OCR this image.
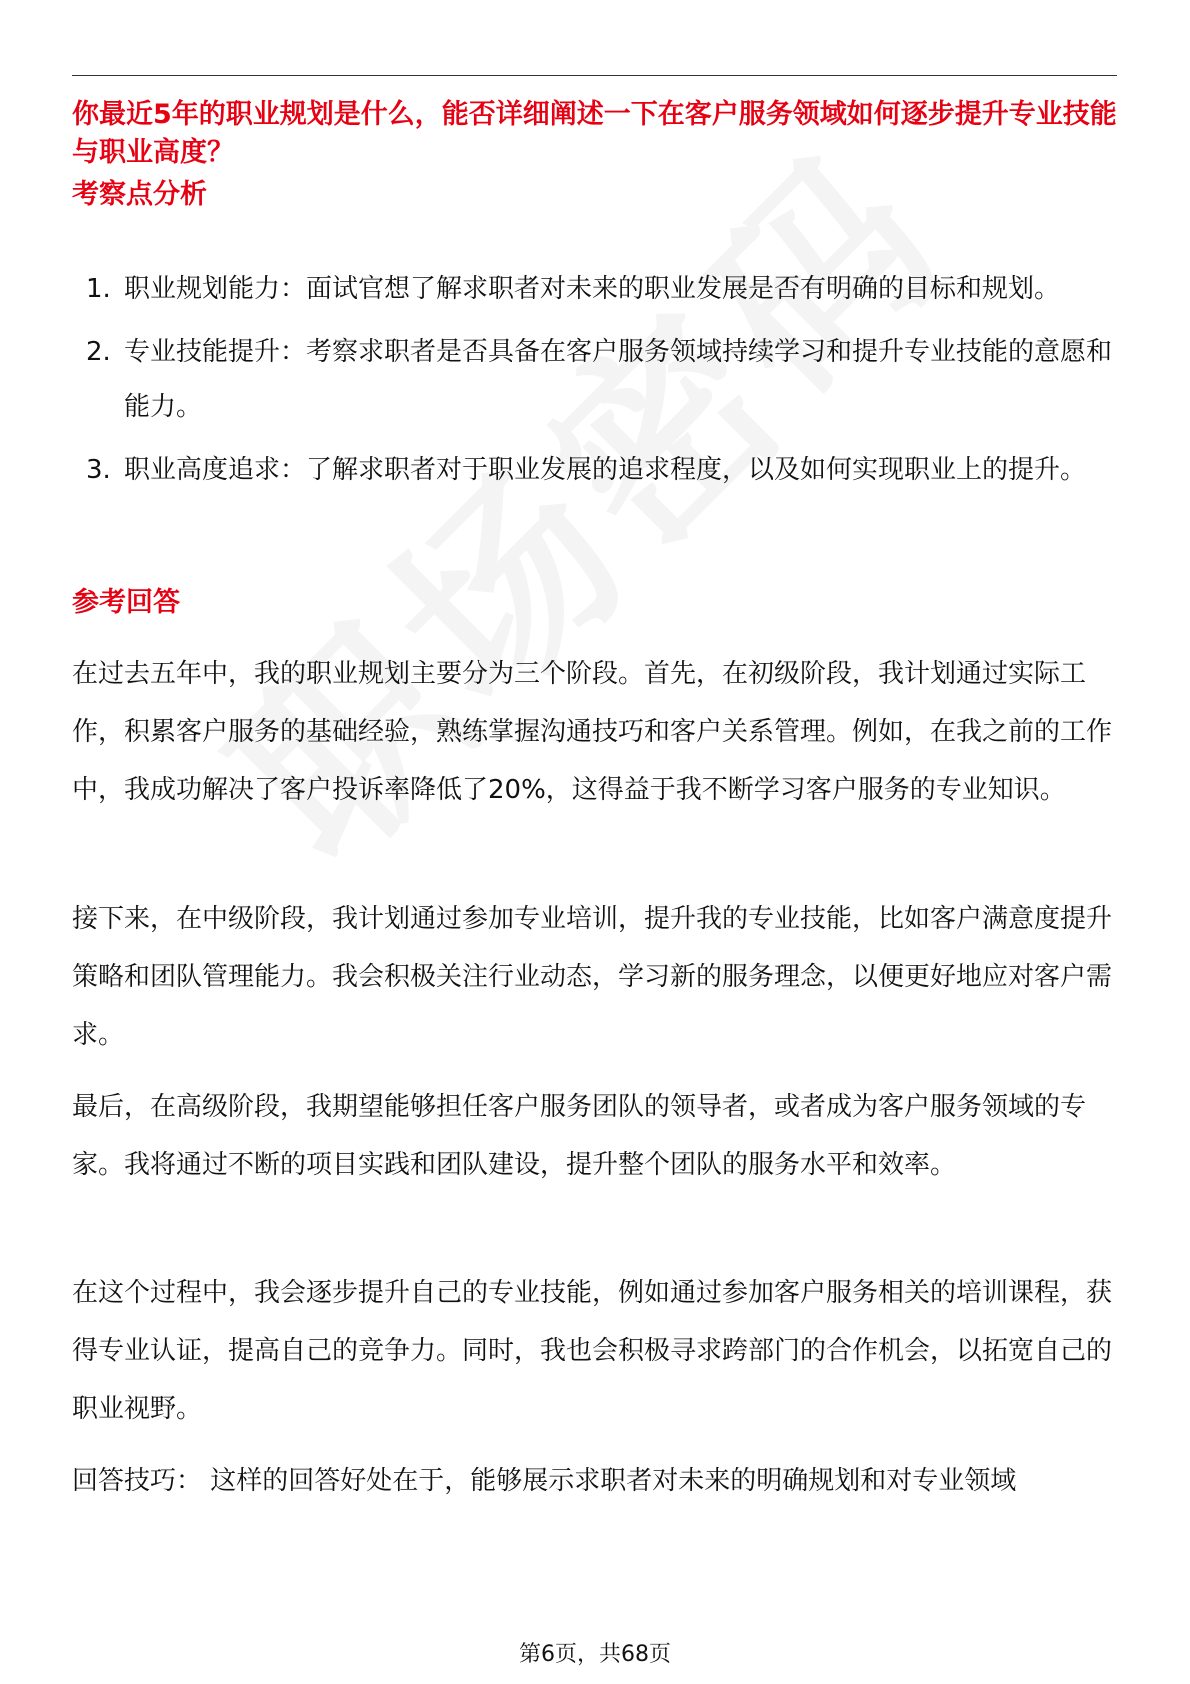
你最近5年的职业规划是什么，能否详细阐述一下在客户服务领域如何逐步提升专业技能与职业高度？
考察点分析
1. 职业规划能力：面试官想了解求职者对未来的职业发展是否有明确的目标和规划。
2. 专业技能提升：考察求职者是否具备在客户服务领域持续学习和提升专业技能的意愿和能力。
3. 职业高度追求：了解求职者对于职业发展的追求程度，以及如何实现职业上的提升。
参考回答

在过去五年中，我的职业规划主要分为三个阶段。首先，在初级阶段，我计划通过实际工作，积累客户服务的基础经验，熟练掌握沟通技巧和客户关系管理。例如，在我之前的工作中，我成功解决了客户投诉率降低了20%，这得益于我不断学习客户服务的专业知识。

接下来，在中级阶段，我计划通过参加专业培训，提升我的专业技能，比如客户满意度提升策略和团队管理能力。我会积极关注行业动态，学习新的服务理念，以便更好地应对客户需求。

最后，在高级阶段，我期望能够担任客户服务团队的领导者，或者成为客户服务领域的专家。我将通过不断的项目实践和团队建设，提升整个团队的服务水平和效率。

在这个过程中，我会逐步提升自己的专业技能，例如通过参加客户服务相关的培训课程，获得专业认证，提高自己的竞争力。同时，我也会积极寻求跨部门的合作机会，以拓宽自己的职业视野。

回答技巧： 这样的回答好处在于，能够展示求职者对未来的明确规划和对专业领域

第6页，共68页
